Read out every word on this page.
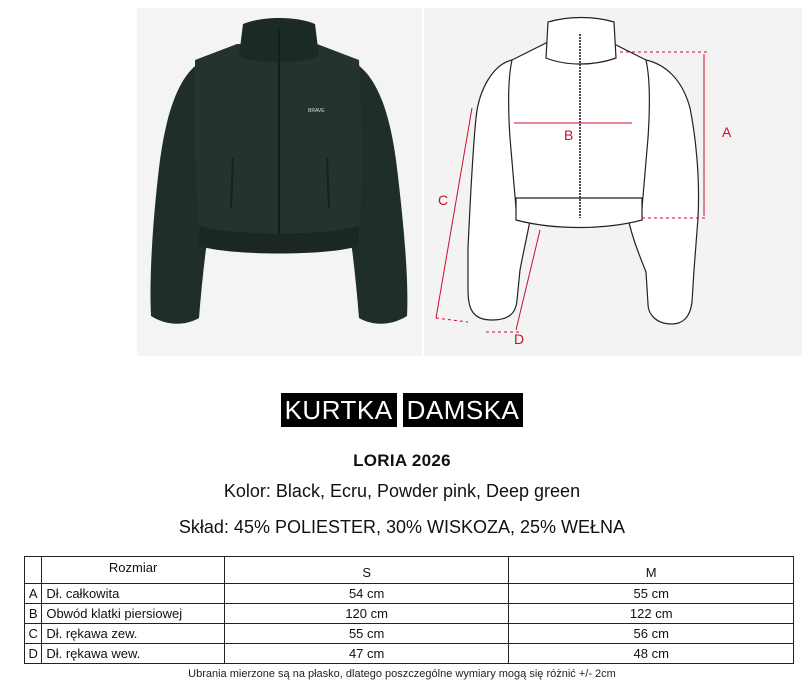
BRAVE
A
B
C
D
KURTKA DAMSKA
LORIA 2026
Kolor: Black, Ecru, Powder pink, Deep green
Skład: 45% POLIESTER, 30% WISKOZA, 25% WEŁNA
	Rozmiar	S	M
A	Dł. całkowita	54 cm	55 cm
B	Obwód klatki piersiowej	120 cm	122 cm
C	Dł. rękawa zew.	55 cm	56 cm
D	Dł. rękawa wew.	47 cm	48 cm
Ubrania mierzone są na płasko, dlatego poszczególne wymiary mogą się różnić +/- 2cm
